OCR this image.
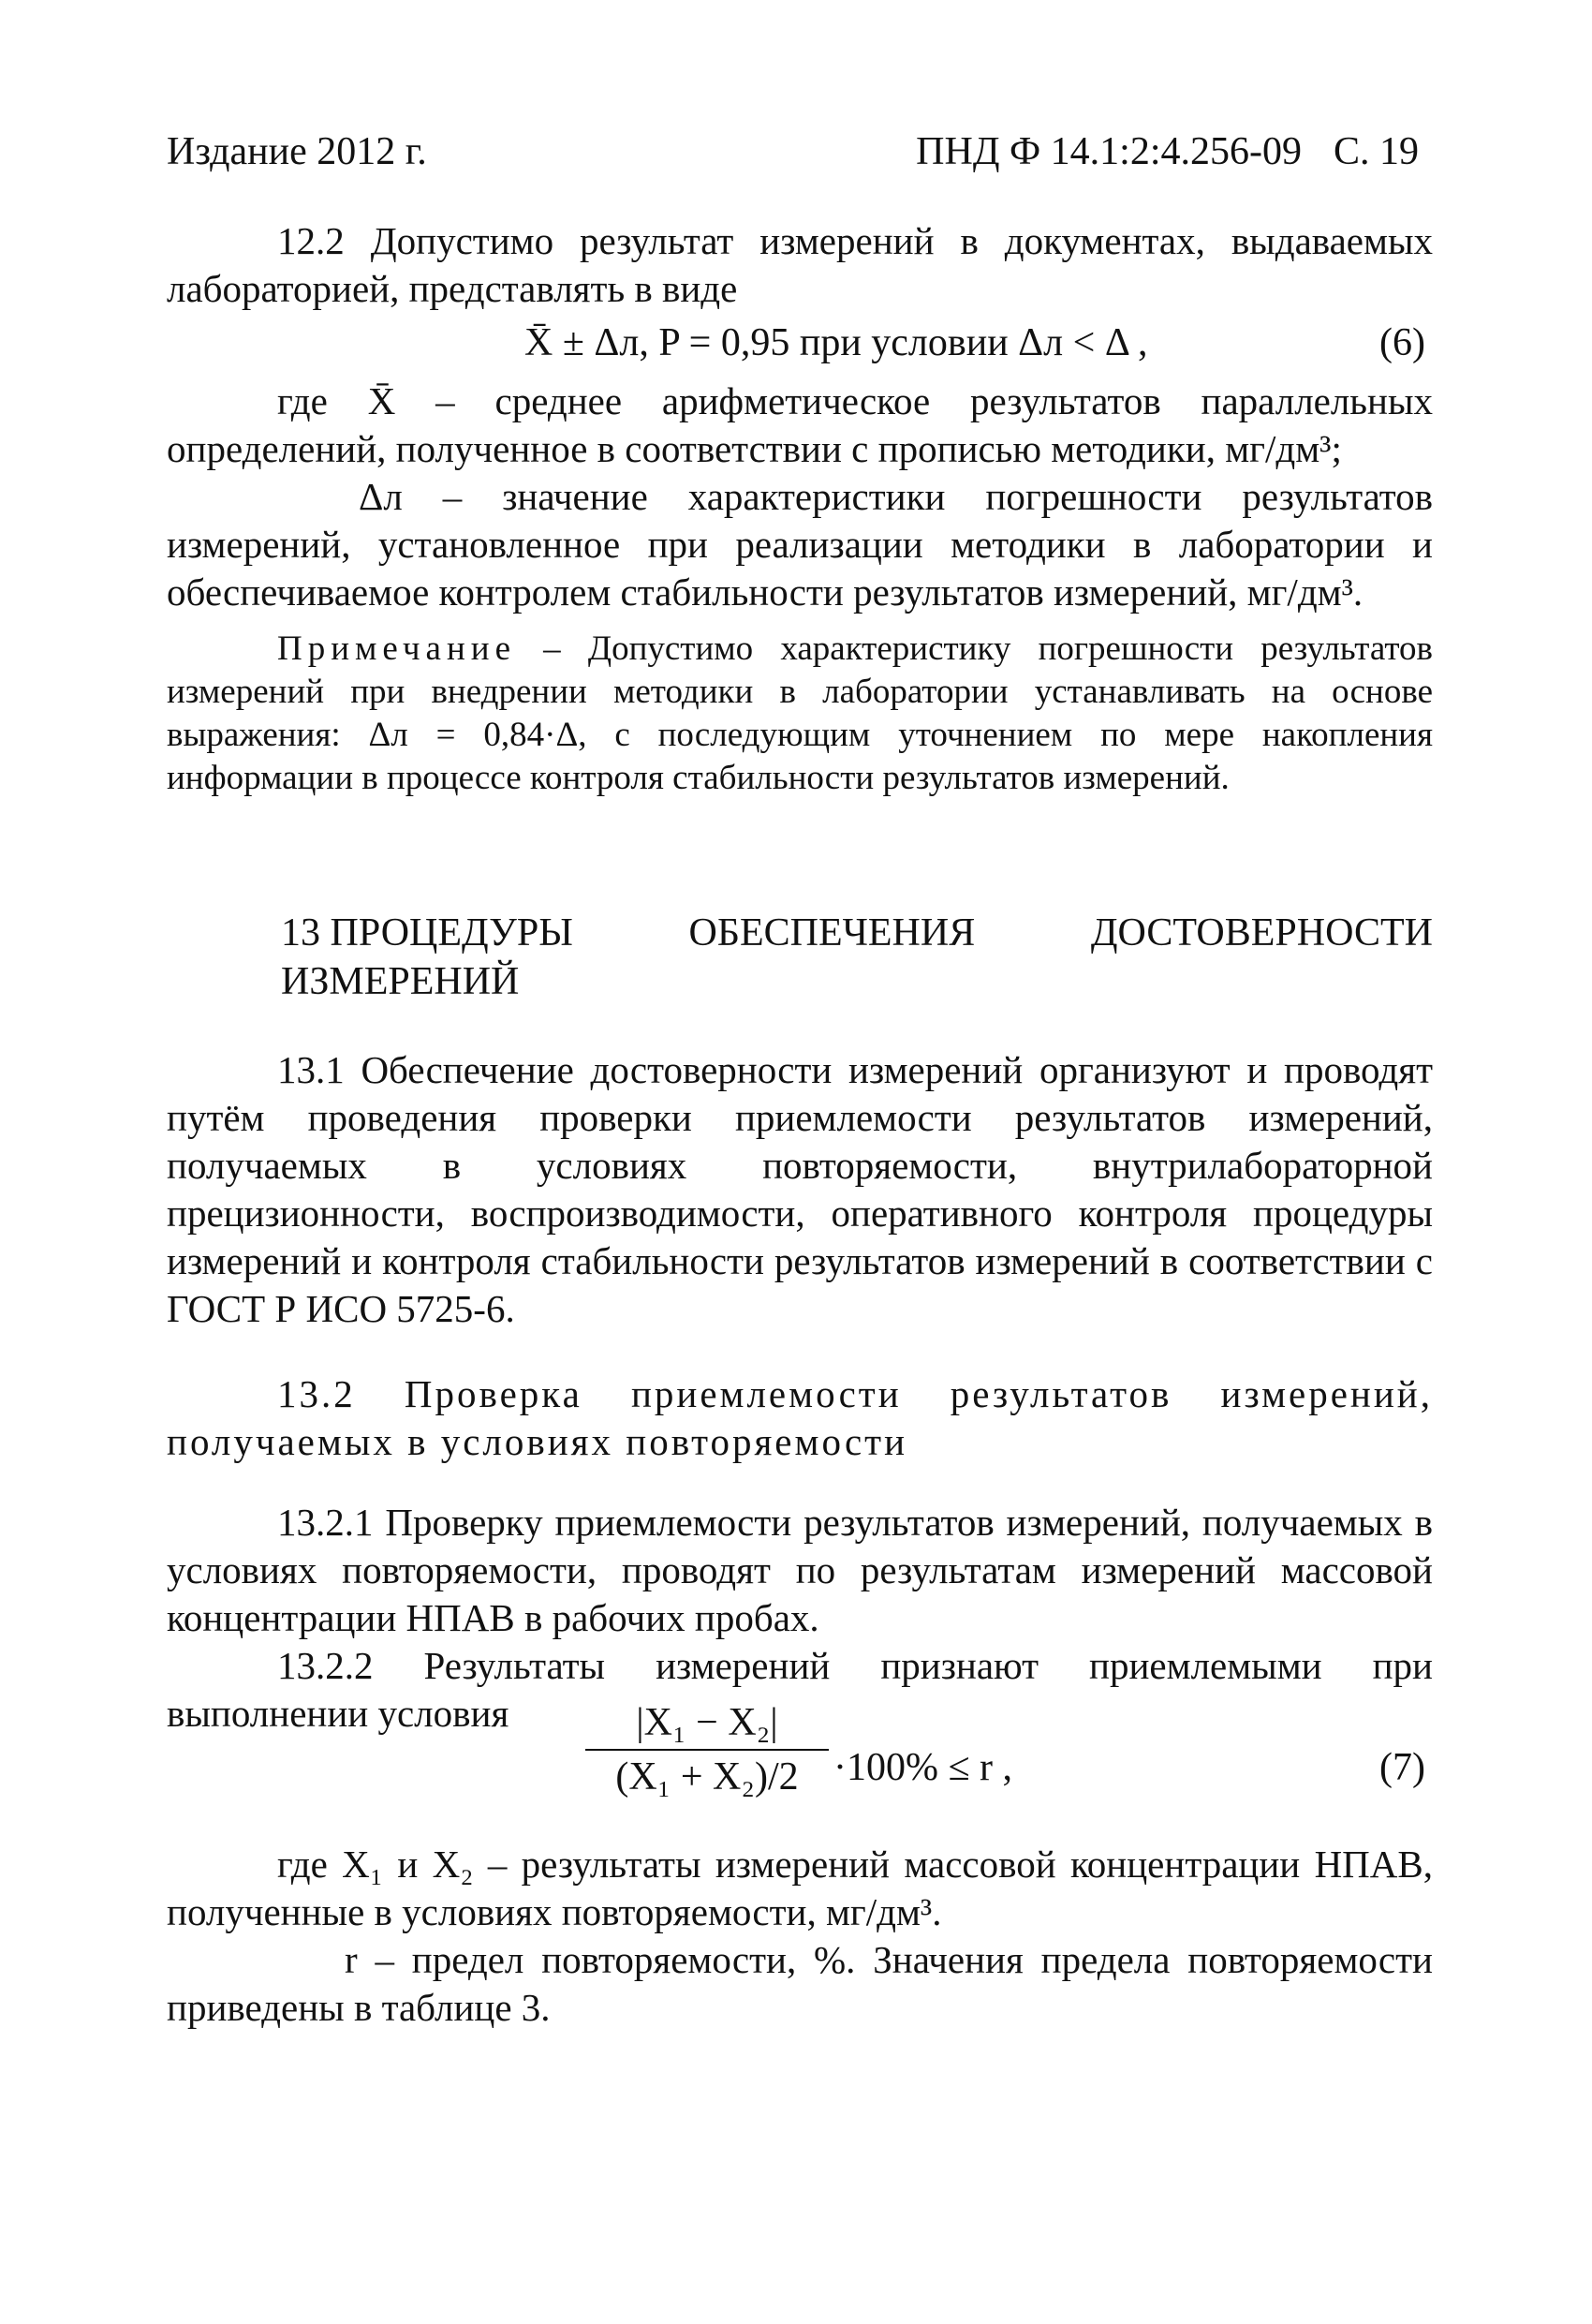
Издание 2012 г.	ПНД Ф 14.1:2:4.256-09 С. 19
12.2 Допустимо результат измерений в документах, выдаваемых лабораторией, представлять в виде
X̄ ± Δл, P = 0,95 при условии Δл < Δ ,	(6)
где X̄ – среднее арифметическое результатов параллельных определений, полученное в соответствии с прописью методики, мг/дм³;
Δл – значение характеристики погрешности результатов измерений, установленное при реализации методики в лаборатории и обеспечиваемое контролем стабильности результатов измерений, мг/дм³.
Примечание – Допустимо характеристику погрешности результатов измерений при внедрении методики в лаборатории устанавливать на основе выражения: Δл = 0,84·Δ, с последующим уточнением по мере накопления информации в процессе контроля стабильности результатов измерений.
13 ПРОЦЕДУРЫ	ОБЕСПЕЧЕНИЯ	ДОСТОВЕРНОСТИ
ИЗМЕРЕНИЙ
13.1 Обеспечение достоверности измерений организуют и проводят путём проведения проверки приемлемости результатов измерений, получаемых в условиях повторяемости, внутрилабораторной прецизионности, воспроизводимости, оперативного контроля процедуры измерений и контроля стабильности результатов измерений в соответствии с ГОСТ Р ИСО 5725-6.
13.2 Проверка приемлемости результатов измерений, получаемых в условиях повторяемости
13.2.1 Проверку приемлемости результатов измерений, получаемых в условиях повторяемости, проводят по результатам измерений массовой концентрации НПАВ в рабочих пробах.
13.2.2 Результаты измерений признают приемлемыми при выполнении условия	$\frac{\text{|X₁ − X₂|}}{\text{(X₁ + X₂)/2}} \cdot 100\% \le r$ ,	(7)
где X₁ и X₂ – результаты измерений массовой концентрации НПАВ, полученные в условиях повторяемости, мг/дм³.
r – предел повторяемости, %. Значения предела повторяемости приведены в таблице 3.
